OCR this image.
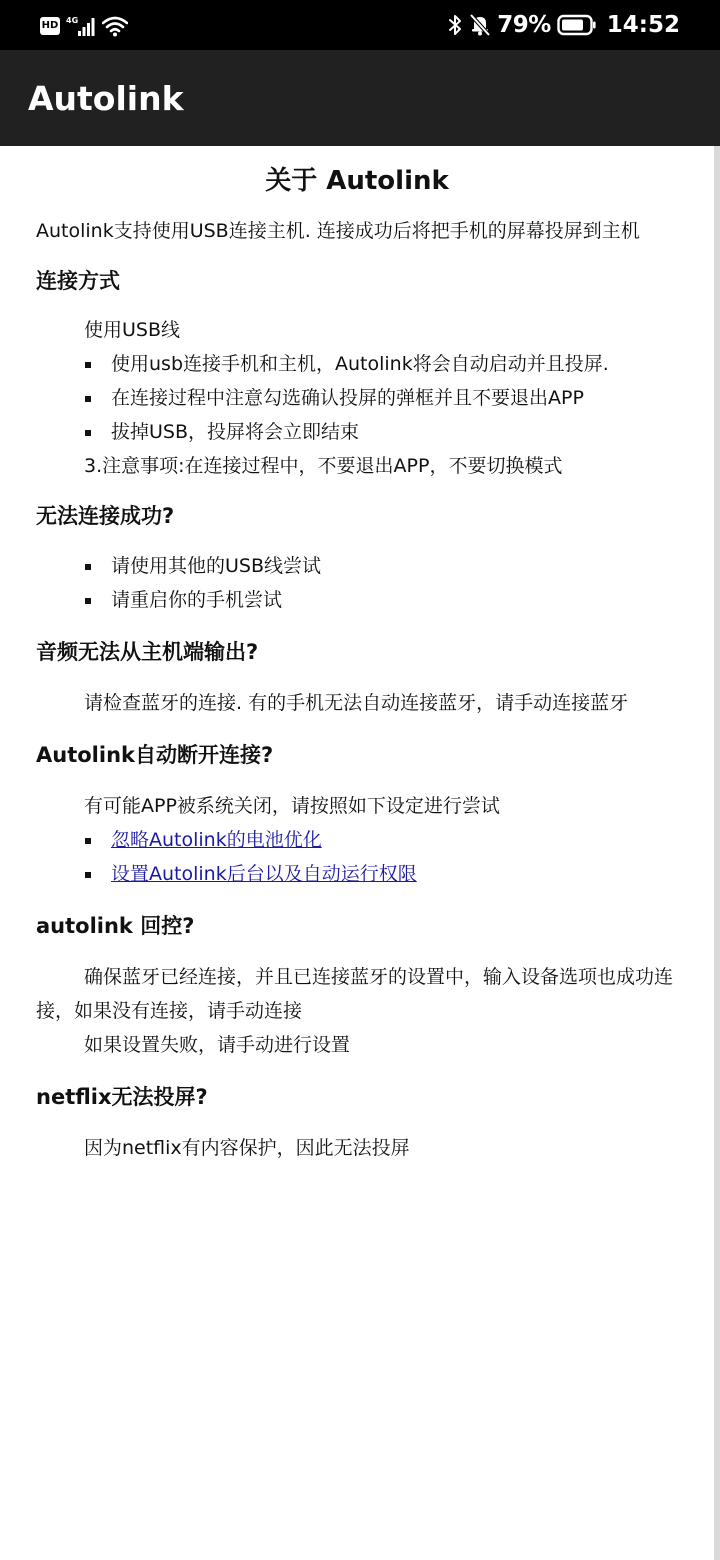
HD 4G	79% 14:52
Autolink
关于 Autolink
Autolink支持使用USB连接主机. 连接成功后将把手机的屏幕投屏到主机
连接方式
使用USB线
使用usb连接手机和主机，Autolink将会自动启动并且投屏.
在连接过程中注意勾选确认投屏的弹框并且不要退出APP
拔掉USB，投屏将会立即结束
3.注意事项:在连接过程中，不要退出APP，不要切换模式
无法连接成功?
请使用其他的USB线尝试
请重启你的手机尝试
音频无法从主机端输出?
请检查蓝牙的连接. 有的手机无法自动连接蓝牙，请手动连接蓝牙
Autolink自动断开连接?
有可能APP被系统关闭，请按照如下设定进行尝试
忽略Autolink的电池优化
设置Autolink后台以及自动运行权限
autolink 回控?
确保蓝牙已经连接，并且已连接蓝牙的设置中，输入设备选项也成功连接，如果没有连接，请手动连接
如果设置失败，请手动进行设置
netflix无法投屏?
因为netflix有内容保护，因此无法投屏
